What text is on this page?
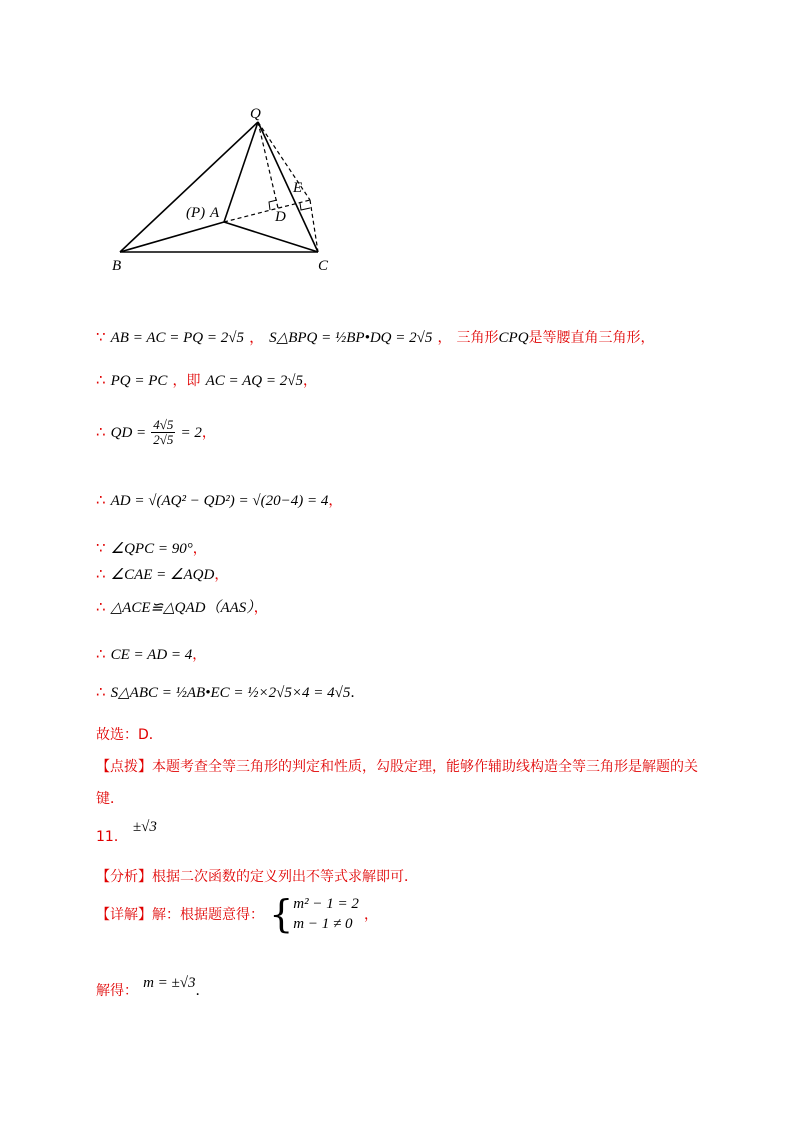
Q
E
D
(P) A
B	C
∵ AB = AC = PQ = 2√5 ， S△BPQ = ½BP•DQ = 2√5 ， 三角形CPQ是等腰直角三角形，
∴ PQ = PC ，即 AC = AQ = 2√5，
∴ QD = $\frac{4√5}{2√5} = 2$，
∴ AD = √(AQ² − QD²) = √(20−4) = 4，
∵ ∠QPC = 90°，
∴ ∠CAE = ∠AQD，
∴ △ACE≌△QAD（AAS），
∴ CE = AD = 4，
∴ S△ABC = ½AB•EC = ½×2√5×4 = 4√5．
故选：D．
【点拨】本题考查全等三角形的判定和性质，勾股定理，能够作辅助线构造全等三角形是解题的关
键．
11． ±√3
【分析】根据二次函数的定义列出不等式求解即可．
【详解】解：根据题意得： { m² − 1 = 2
m − 1 ≠ 0
，
解得： m = ±√3．
